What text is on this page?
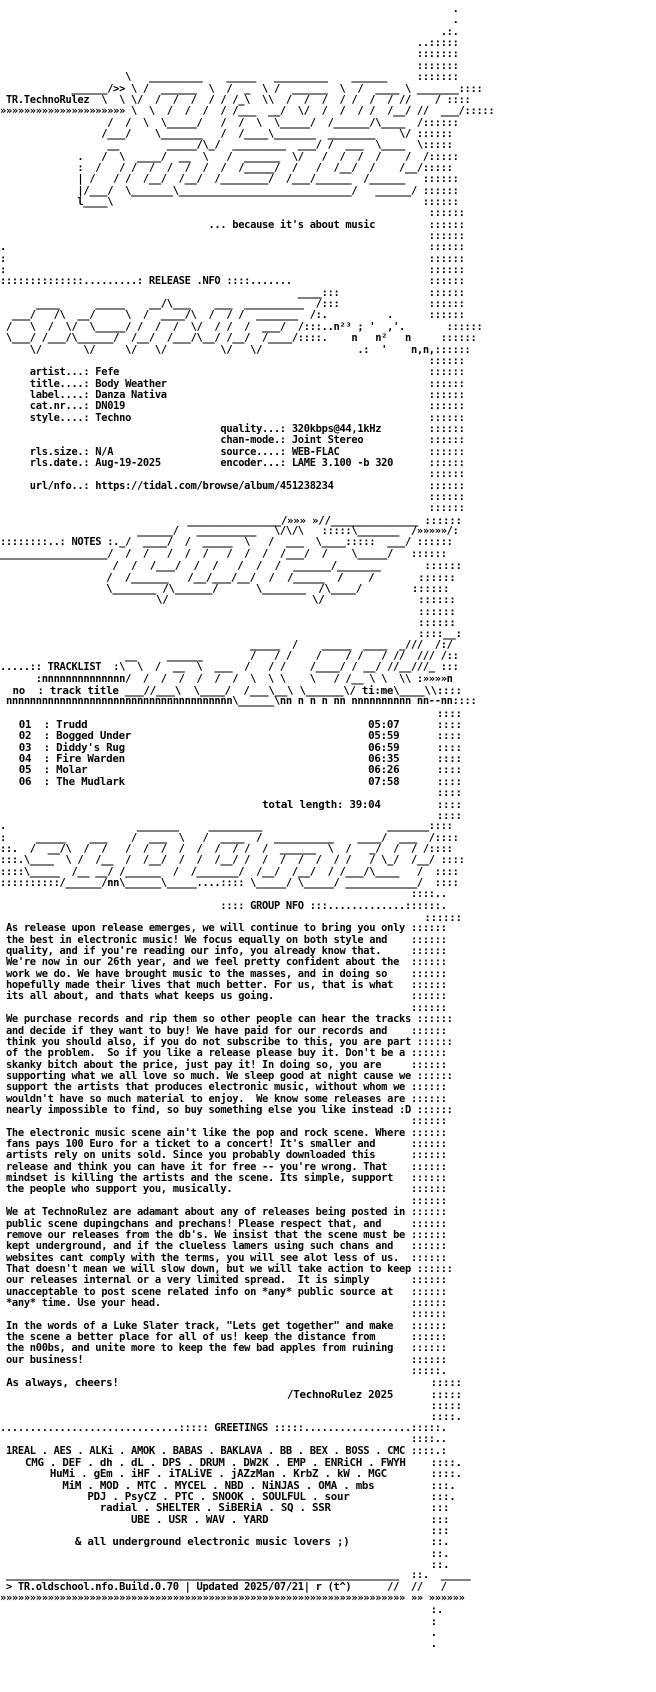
.
.
.:.
..:::::
:::::::
:::::::
\   _________    _____   _________    ______     :::::::
______/>> \ /  ______  \  /  _  \ /  ______  \  /  ____ \ _______::::
TR.TechnoRulez  \  \ \/  /  /  /  / / /_\  \\  /  /  /  / /  /  / //    / ::::
»»»»»»»»»»»»»»»»»»»»» \  \  /  /  /  / /___  __/  \/  /  /  / /  /__/ //  ___/:::::
/  /  \  \_____/   /  /  \  \_____/  /______/\____  /::::::
/___/    \_______   /  /____\_______  ________    \/ ::::::
__        _____/\_/  _________  ___/ /  ___  \____  \:::::
.   /  \  ____/  __  \   /  ______  \/   /  /  /  /    /  /:::::
:  /   / /  /  /  /  /  /  /_____/  /   /  /__/  /    /__/:::::
| /   / /  /__/  /__/  /________/  /___/______  /______   ::::::
|/___/  \_______\_____________________________/   ______/ ::::::
l____\                                                    ::::::
::::::
... because it's about music         ::::::
::::::
.                                                                       ::::::
:                                                                       ::::::
:                                                                       ::::::
::::::::::::::.........: RELEASE .NFO ::::.......                       ::::::
____:::               ::::::
____      _____    __/\___    ___  __________  /:::               ::::::
___/   /\  __/     \  /  ____/\  /  / /  _______  /:.          .      ::::::
/   \  /  \/  \_____/ /  /  /  \/  / /  /  ___/  /:::..n²³ ; '  ,'.       ::::::
\___/ /___/\______/  /__/  /___/\__/ /__/  /____/::::.    n   n²   n     ::::::
\/       \/     \/   \/         \/   \/                .:  '    n,n,::::::
::::::
artist...: Fefe                                                    ::::::
title....: Body Weather                                            ::::::
label....: Danza Nativa                                            ::::::
cat.nr...: DN019                                                   ::::::
style....: Techno                                                  ::::::
quality...: 320kbps@44,1kHz        ::::::
chan-mode.: Joint Stereo           ::::::
rls.size.: N/A                  source....: WEB-FLAC               ::::::
rls.date.: Aug-19-2025          encoder...: LAME 3.100 -b 320      ::::::
::::::
url/nfo..: https://tidal.com/browse/album/451238234                ::::::
::::::
::::::
_______________/»»» »//______________ ::::::
______/   __________   \/\/\   :::::\_______  /»»»»»/:
::::::::..: NOTES :._/  ____/  /  _____  \   /  ___  \____:::::  ___/ ::::::
__________________/  /  /   /  /  /   /  /  /  /___/  /    \_____/   ::::::
/  /  /___/  /  /   /  /  /  ______/_______       ::::::
/  /______   /__/___/__/  /  /_____  /    /       ::::::
\_______ /\______/      \_______  /\____/        ::::::
\/                       \/               ::::::
::::::
::::::
::::__:
_____  /    _____  ____  _///  /:/
__     ______        /   / /    /    / /   / //  /// /::
.....:: TRACKLIST  :\  \  /  __  \  ___  /   / /    /____/ / __/ //__///_ :::
:nnnnnnnnnnnnnn/  /  /  /  /  /  /  \  \ \    \   / /__ \ \  \\ :»»»»n
no  : track title ___//___\  \____/  /___\__\ \______\/ ti:me\____\\::::
nnnnnnnnnnnnnnnnnnnnnnnnnnnnnnnnnnnnnn\______\nn n n n nn nnnnnnnnnn nn--nn::::
::::
01  : Trudd                                             05:07      ::::
02  : Bogged Under                                      05:59      ::::
03  : Diddy's Rug                                       06:59      ::::
04  : Fire Warden                                       06:35      ::::
05  : Molar                                             06:26      ::::
06  : The Mudlark                                       07:58      ::::
::::
total length: 39:04         ::::
::::
.                      _______     _________                     _______::::
:     _____    ___    /  ___  \   /  ____  /  __________    ____/  ___  /::::
::.  /  __/\  /  /   /  /  /  /  /  /  / /  /  ______  \  /   _/  /  / /::::
:::.\____  \ /  /__  /  /__/  /  /  /__/ /  /  /  /  /  / /   / \_/  /__/ ::::
::::\_____  /__ __/ /______  /  /_______/  /__/  /__/  / /___/\____   /  ::::
::::::::::/______/nn\______\_____....:::: \_____/ \_____/ ____________/  ::::
::::..
:::: GROUP NFO :::.............::::::.
::::::
As release upon release emerges, we will continue to bring you only ::::::
the best in electronic music! We focus equally on both style and    ::::::
quality, and if you're reading our info, you already know that.     ::::::
We're now in our 26th year, and we feel pretty confident about the  ::::::
work we do. We have brought music to the masses, and in doing so    ::::::
hopefully made their lives that much better. For us, that is what   ::::::
its all about, and thats what keeps us going.                       ::::::
::::::
We purchase records and rip them so other people can hear the tracks ::::::
and decide if they want to buy! We have paid for our records and    ::::::
think you should also, if you do not subscribe to this, you are part ::::::
of the problem.  So if you like a release please buy it. Don't be a ::::::
skanky bitch about the price, just pay it! In doing so, you are     ::::::
supporting what we all love so much. We sleep good at night cause we ::::::
support the artists that produces electronic music, without whom we ::::::
wouldn't have so much material to enjoy.  We know some releases are ::::::
nearly impossible to find, so buy something else you like instead :D ::::::
::::::
The electronic music scene ain't like the pop and rock scene. Where ::::::
fans pays 100 Euro for a ticket to a concert! It's smaller and      ::::::
artists rely on units sold. Since you probably downloaded this      ::::::
release and think you can have it for free -- you're wrong. That    ::::::
mindset is killing the artists and the scene. Its simple, support   ::::::
the people who support you, musically.                              ::::::
::::::
We at TechnoRulez are adamant about any of releases being posted in ::::::
public scene dupingchans and prechans! Please respect that, and     ::::::
remove our releases from the db's. We insist that the scene must be ::::::
kept underground, and if the clueless lamers using such chans and   ::::::
websites cant comply with the terms, you will see alot less of us.  ::::::
That doesn't mean we will slow down, but we will take action to keep ::::::
our releases internal or a very limited spread.  It is simply       ::::::
unacceptable to post scene related info on *any* public source at   ::::::
*any* time. Use your head.                                          ::::::
::::::
In the words of a Luke Slater track, "Lets get together" and make   ::::::
the scene a better place for all of us! keep the distance from      ::::::
the n00bs, and unite more to keep the few bad apples from ruining   ::::::
our business!                                                       ::::::
:::::.
As always, cheers!                                                  :::::
/TechnoRulez 2025      :::::
:::::
::::.
..............................::::: GREETINGS :::::..................:::::.
::::..
1REAL . AES . ALKi . AMOK . BABAS . BAKLAVA . BB . BEX . BOSS . CMC ::::.:
CMG . DEF . dh . dL . DPS . DRUM . DW2K . EMP . ENRiCH . FWYH    ::::.
HuMi . gEm . iHF . iTALiVE . jAZzMan . KrbZ . kW . MGC       ::::.
MiM . MOD . MTC . MYCEL . NBD . NiNJAS . OMA . mbs         :::.
PDJ . PsyCZ . PTC . SNOOK . SOULFUL . sour             :::.
radial . SHELTER . SiBERiA . SQ . SSR                :::
UBE . USR . WAV . YARD                          :::
:::
& all underground electronic music lovers ;)             ::.
::.
::.
__________________________________________________________________  ::.  _____
> TR.oldschool.nfo.Build.0.70 | Updated 2025/07/21| r (t^)      //  //   /
»»»»»»»»»»»»»»»»»»»»»»»»»»»»»»»»»»»»»»»»»»»»»»»»»»»»»»»»»»»»»»»»»»»» »» »»»»»»
:.
:
.
.
